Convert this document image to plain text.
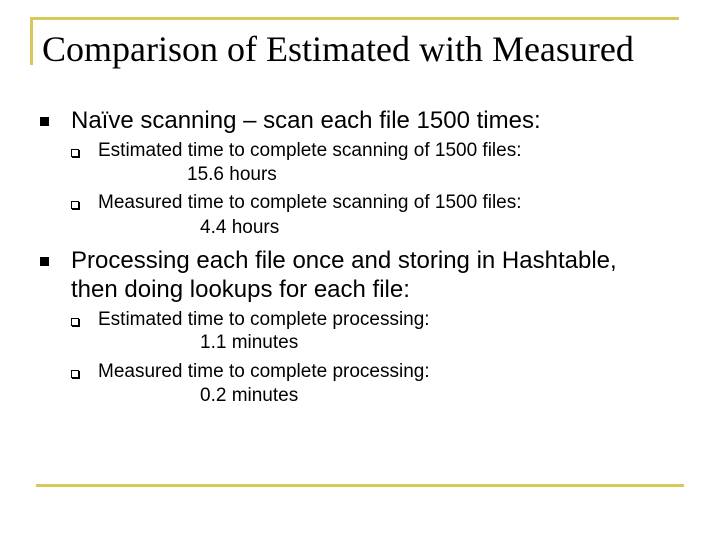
Comparison of Estimated with Measured
Naïve scanning – scan each file 1500 times:
Estimated time to complete scanning of 1500 files:
15.6 hours
Measured time to complete scanning of 1500 files:
4.4 hours
Processing each file once and storing in Hashtable,
then doing lookups for each file:
Estimated time to complete processing:
1.1 minutes
Measured time to complete processing:
0.2 minutes
